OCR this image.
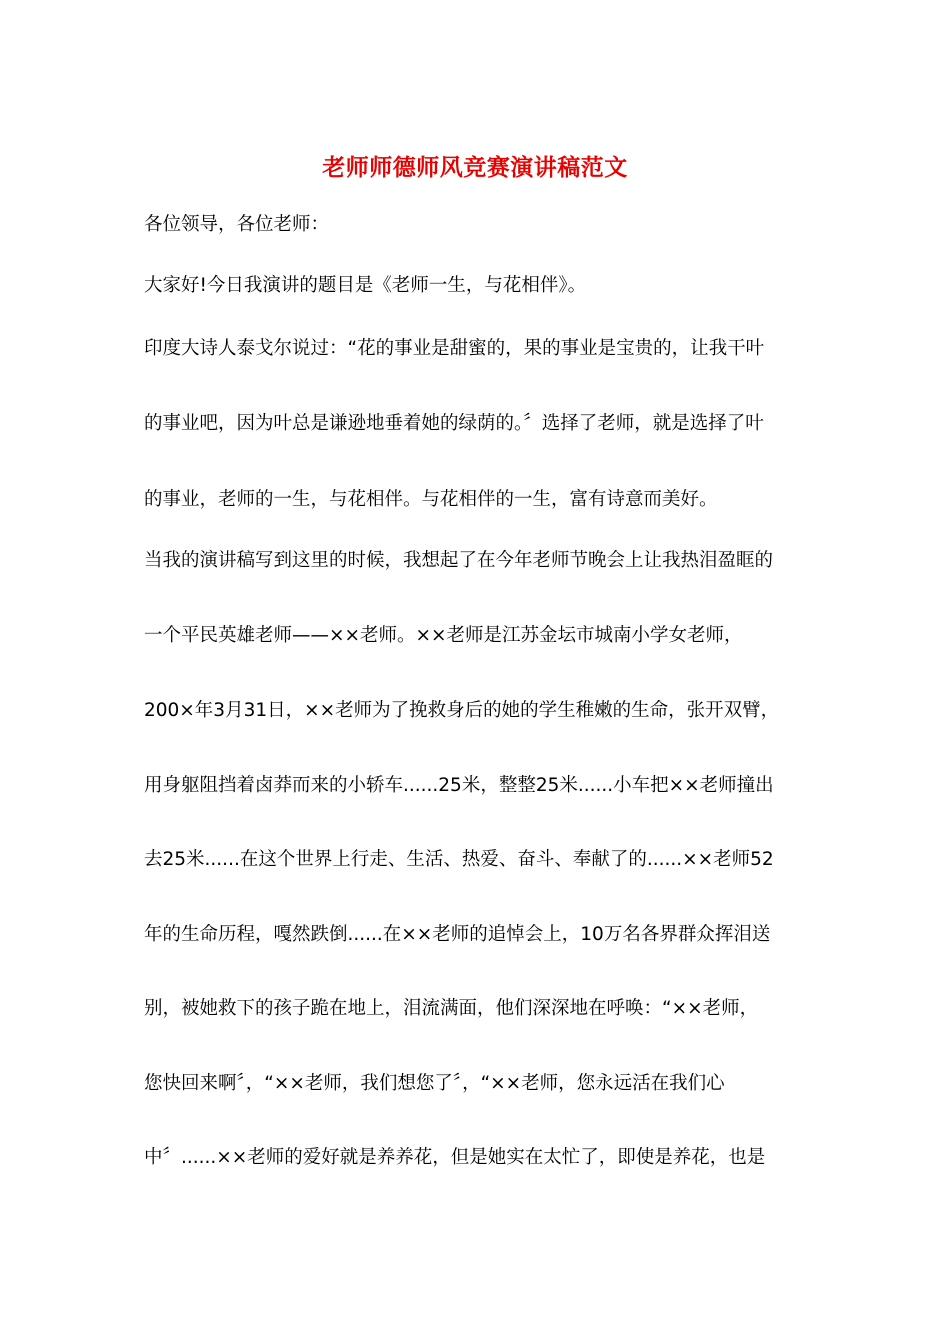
老师师德师风竞赛演讲稿范文
各位领导，各位老师：
大家好!今日我演讲的题目是《老师一生，与花相伴》。
印度大诗人泰戈尔说过：“花的事业是甜蜜的，果的事业是宝贵的，让我干叶
的事业吧，因为叶总是谦逊地垂着她的绿荫的。〞选择了老师，就是选择了叶
的事业，老师的一生，与花相伴。与花相伴的一生，富有诗意而美好。
当我的演讲稿写到这里的时候，我想起了在今年老师节晚会上让我热泪盈眶的
一个平民英雄老师——××老师。××老师是江苏金坛市城南小学女老师，
200×年3月31日，××老师为了挽救身后的她的学生稚嫩的生命，张开双臂，
用身躯阻挡着卤莽而来的小轿车......25米，整整25米......小车把××老师撞出
去25米......在这个世界上行走、生活、热爱、奋斗、奉献了的......××老师52
年的生命历程，嘎然跌倒......在××老师的追悼会上，10万名各界群众挥泪送
别，被她救下的孩子跪在地上，泪流满面，他们深深地在呼唤：“××老师，
您快回来啊〞，“××老师，我们想您了〞，“××老师，您永远活在我们心
中〞......××老师的爱好就是养养花，但是她实在太忙了，即使是养花，也是
